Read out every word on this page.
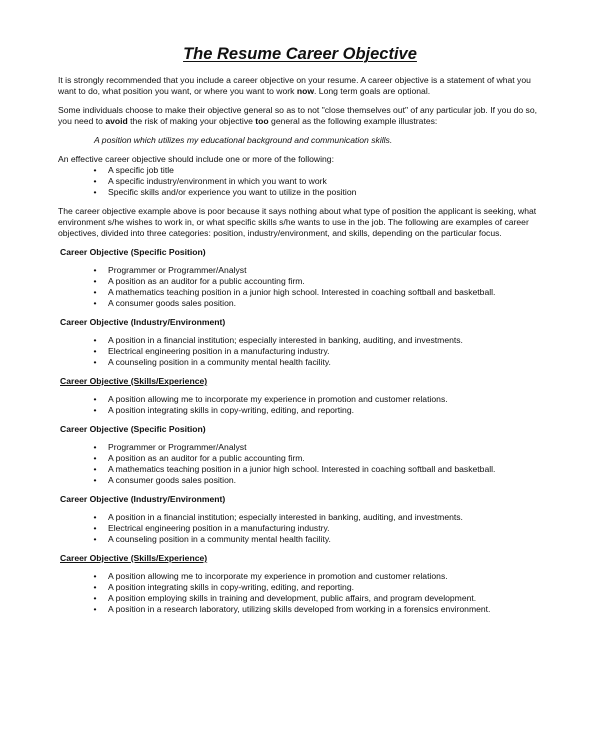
The Resume Career Objective

It is strongly recommended that you include a career objective on your resume. A career objective is a statement of what you want to do, what position you want, or where you want to work now. Long term goals are optional.

Some individuals choose to make their objective general so as to not "close themselves out" of any particular job. If you do so, you need to avoid the risk of making your objective too general as the following example illustrates:

A position which utilizes my educational background and communication skills.

An effective career objective should include one or more of the following:

•	A specific job title
•	A specific industry/environment in which you want to work
•	Specific skills and/or experience you want to utilize in the position

The career objective example above is poor because it says nothing about what type of position the applicant is seeking, what environment s/he wishes to work in, or what specific skills s/he wants to use in the job. The following are examples of career objectives, divided into three categories: position, industry/environment, and skills, depending on the particular focus.

Career Objective (Specific Position)
•	Programmer or Programmer/Analyst
•	A position as an auditor for a public accounting firm.
•	A mathematics teaching position in a junior high school. Interested in coaching softball and basketball.
•	A consumer goods sales position.
Career Objective (Industry/Environment)
•	A position in a financial institution; especially interested in banking, auditing, and investments.
•	Electrical engineering position in a manufacturing industry.
•	A counseling position in a community mental health facility.
Career Objective (Skills/Experience)
•	A position allowing me to incorporate my experience in promotion and customer relations.
•	A position integrating skills in copy-writing, editing, and reporting.
Career Objective (Specific Position)
•	Programmer or Programmer/Analyst
•	A position as an auditor for a public accounting firm.
•	A mathematics teaching position in a junior high school. Interested in coaching softball and basketball.
•	A consumer goods sales position.
Career Objective (Industry/Environment)
•	A position in a financial institution; especially interested in banking, auditing, and investments.
•	Electrical engineering position in a manufacturing industry.
•	A counseling position in a community mental health facility.
Career Objective (Skills/Experience)
•	A position allowing me to incorporate my experience in promotion and customer relations.
•	A position integrating skills in copy-writing, editing, and reporting.
•	A position employing skills in training and development, public affairs, and program development.
•	A position in a research laboratory, utilizing skills developed from working in a forensics environment.
